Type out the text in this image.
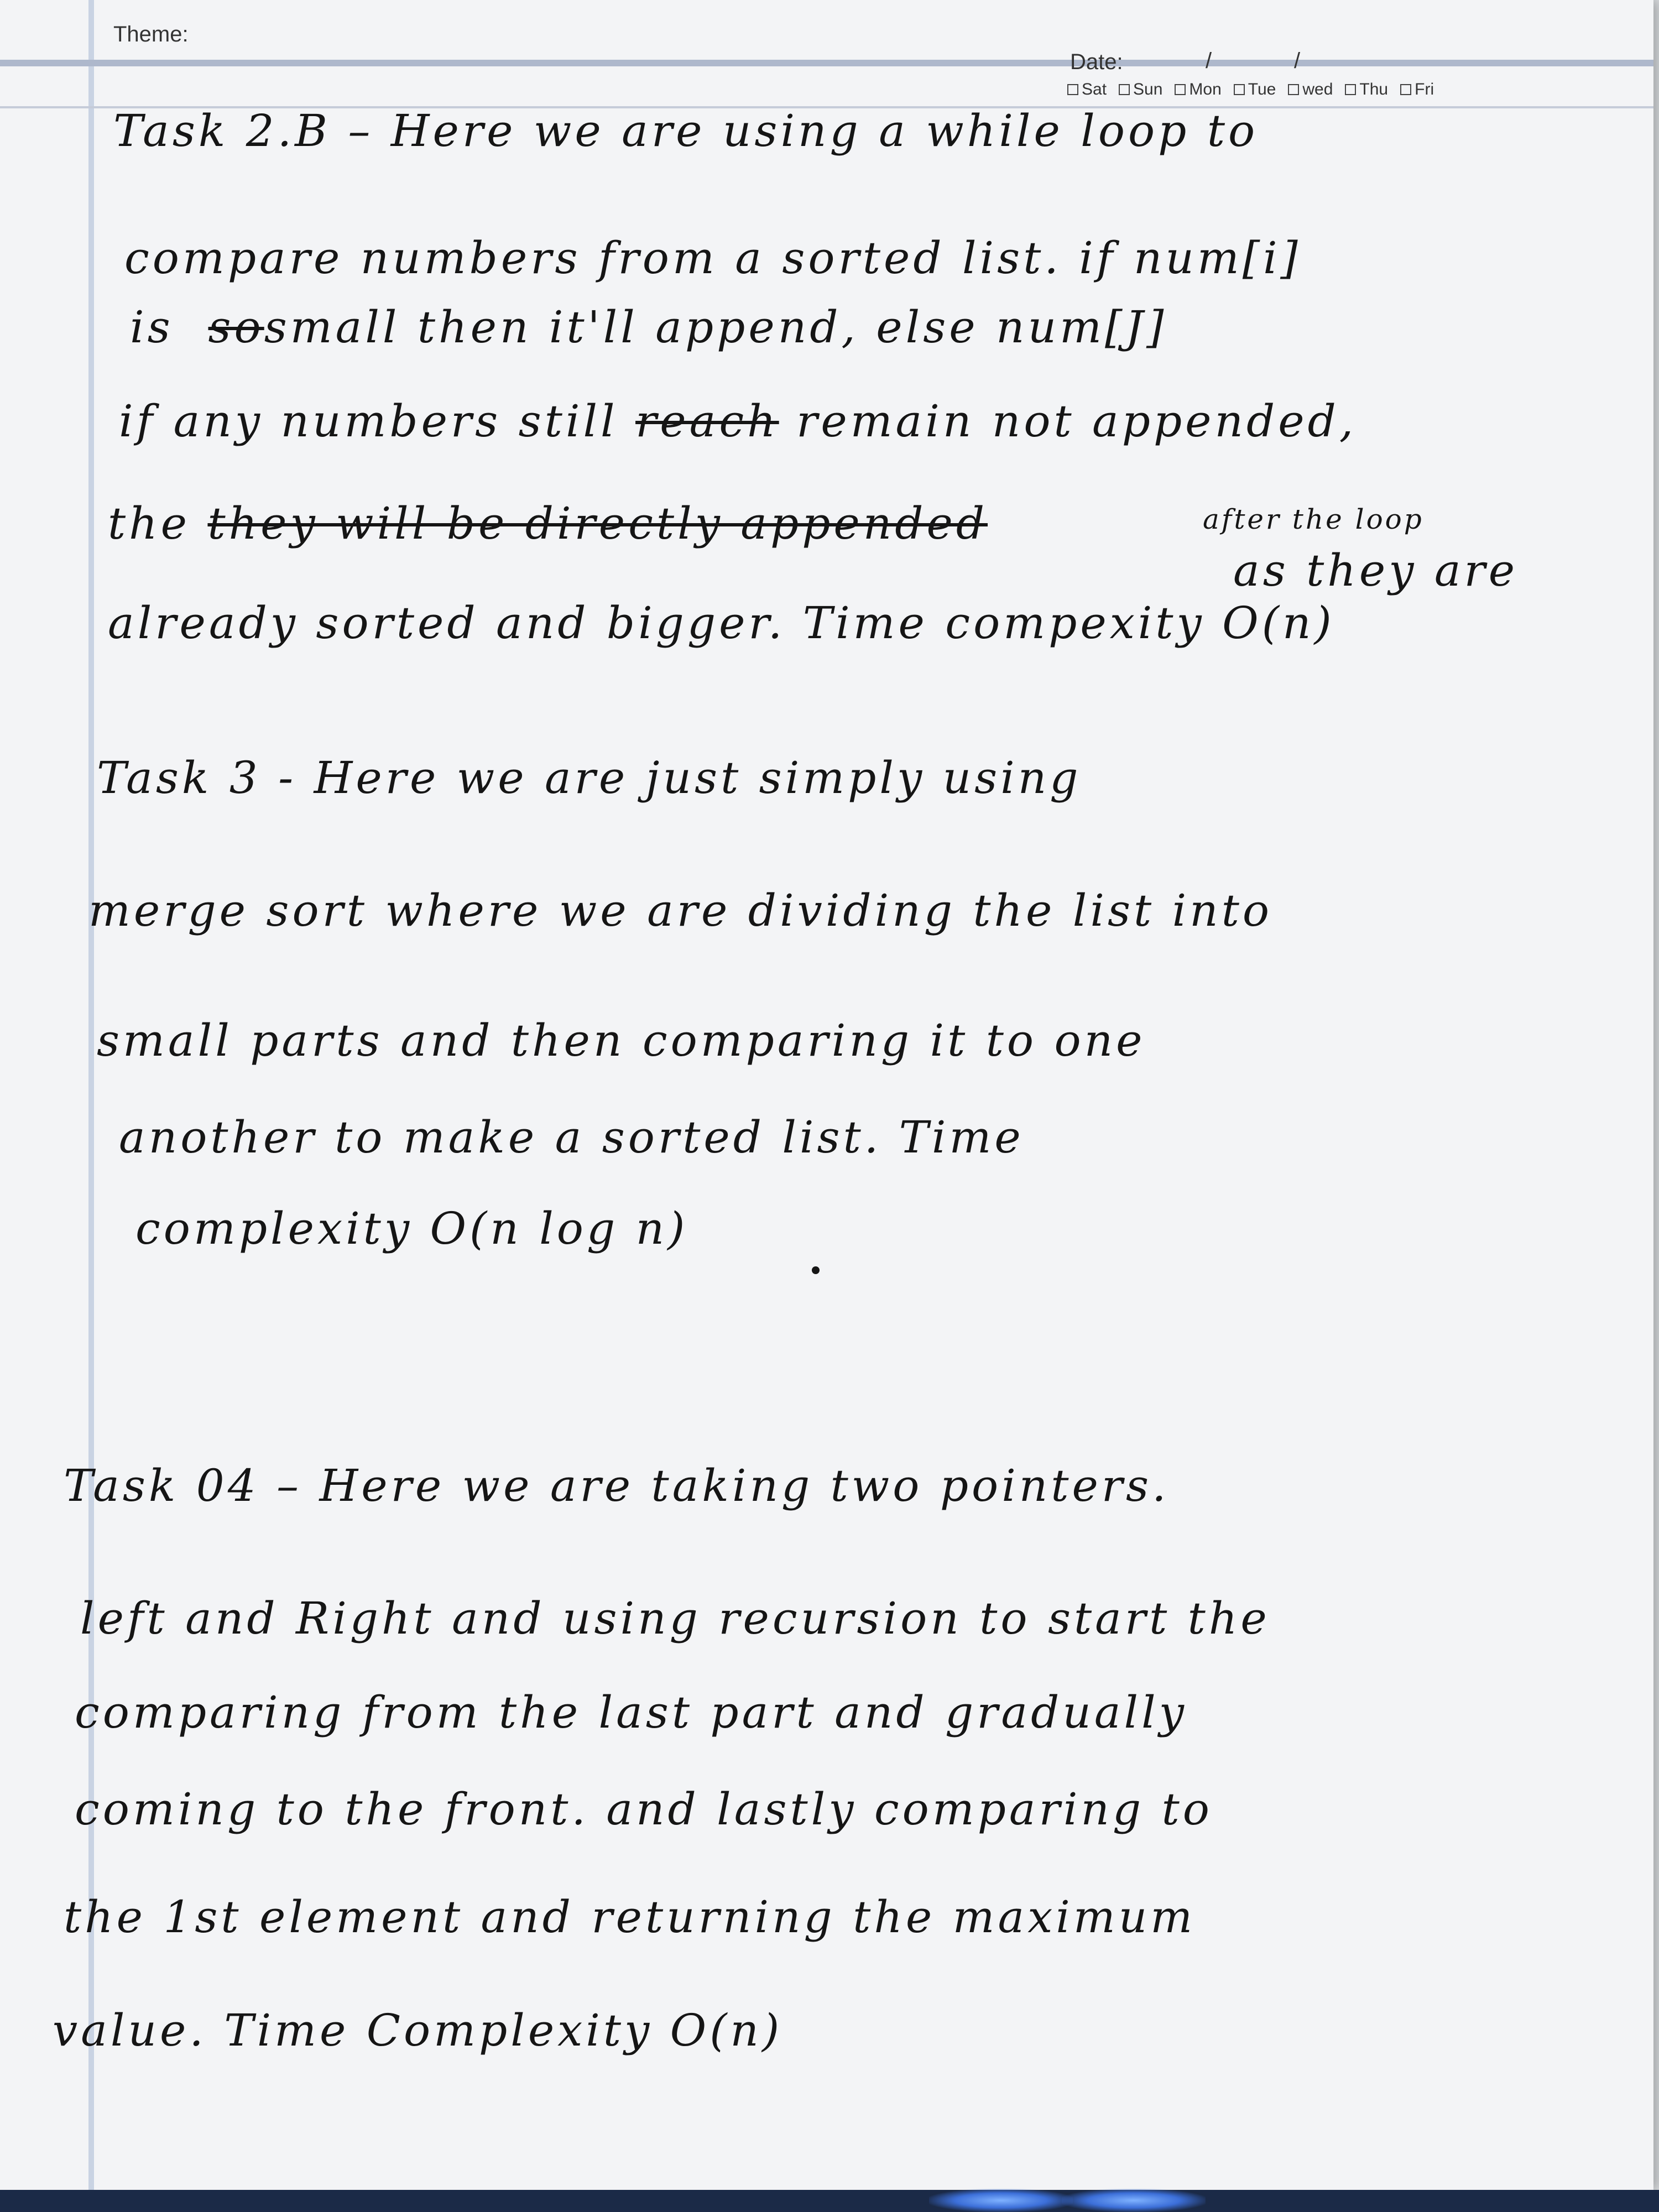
Theme:
Date:	/	/
Sat Sun Mon Tue wed Thu Fri
Task 2.B – Here we are using a while loop to
compare numbers from a sorted list. if num[i]
is sosmall then it'll append, else num[J]
if any numbers still reach remain not appended,
after the loop
the they will be directly appended
as they are
already sorted and bigger. Time compexity O(n)
Task 3 - Here we are just simply using
merge sort where we are dividing the list into
small parts and then comparing it to one
another to make a sorted list. Time
complexity O(n log n)
Task 04 – Here we are taking two pointers.
left and Right and using recursion to start the
comparing from the last part and gradually
coming to the front. and lastly comparing to
the 1st element and returning the maximum
value. Time Complexity O(n)
